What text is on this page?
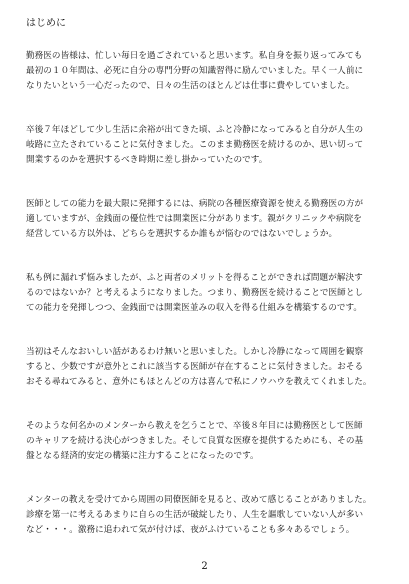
はじめに
勤務医の皆様は、忙しい毎日を過ごされていると思います。私自身を振り返ってみても
最初の１０年間は、必死に自分の専門分野の知識習得に励んでいました。早く一人前に
なりたいという一心だったので、日々の生活のほとんどは仕事に費やしていました。
卒後７年ほどして少し生活に余裕が出てきた頃、ふと冷静になってみると自分が人生の
岐路に立たされていることに気付きました。このまま勤務医を続けるのか、思い切って
開業するのかを選択するべき時期に差し掛かっていたのです。
医師としての能力を最大限に発揮するには、病院の各種医療資源を使える勤務医の方が
適していますが、金銭面の優位性では開業医に分があります。親がクリニックや病院を
経営している方以外は、どちらを選択するか誰もが悩むのではないでしょうか。
私も例に漏れず悩みましたが、ふと両者のメリットを得ることができれば問題が解決す
るのではないか？と考えるようになりました。つまり、勤務医を続けることで医師とし
ての能力を発揮しつつ、金銭面では開業医並みの収入を得る仕組みを構築するのです。
当初はそんなおいしい話があるわけ無いと思いました。しかし冷静になって周囲を観察
すると、少数ですが意外とこれに該当する医師が存在することに気付きました。おそる
おそる尋ねてみると、意外にもほとんどの方は喜んで私にノウハウを教えてくれました。
そのような何名かのメンターから教えを乞うことで、卒後８年目には勤務医として医師
のキャリアを続ける決心がつきました。そして良質な医療を提供するためにも、その基
盤となる経済的安定の構築に注力することになったのです。
メンターの教えを受けてから周囲の同僚医師を見ると、改めて感じることがありました。
診療を第一に考えるあまりに自らの生活が破綻したり、人生を謳歌していない人が多い
など・・・。激務に追われて気が付けば、夜がふけていることも多々あるでしょう。
2
